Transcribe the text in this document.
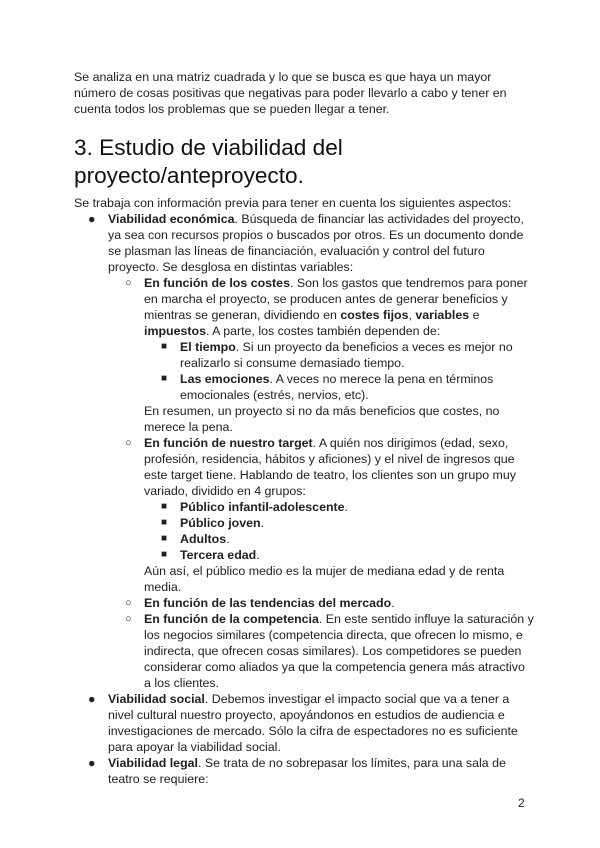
Se analiza en una matriz cuadrada y lo que se busca es que haya un mayor número de cosas positivas que negativas para poder llevarlo a cabo y tener en cuenta todos los problemas que se pueden llegar a tener.

3. Estudio de viabilidad del proyecto/anteproyecto.

Se trabaja con información previa para tener en cuenta los siguientes aspectos:

● Viabilidad económica. Búsqueda de financiar las actividades del proyecto, ya sea con recursos propios o buscados por otros. Es un documento donde se plasman las líneas de financiación, evaluación y control del futuro proyecto. Se desglosa en distintas variables:
○ En función de los costes. Son los gastos que tendremos para poner en marcha el proyecto, se producen antes de generar beneficios y mientras se generan, dividiendo en costes fijos, variables e impuestos. A parte, los costes también dependen de:
■ El tiempo. Si un proyecto da beneficios a veces es mejor no realizarlo si consume demasiado tiempo.
■ Las emociones. A veces no merece la pena en términos emocionales (estrés, nervios, etc).

En resumen, un proyecto si no da más beneficios que costes, no merece la pena.

○ En función de nuestro target. A quién nos dirigimos (edad, sexo, profesión, residencia, hábitos y aficiones) y el nivel de ingresos que este target tiene. Hablando de teatro, los clientes son un grupo muy variado, dividido en 4 grupos:
■ Público infantil-adolescente.
■ Público joven.
■ Adultos.
■ Tercera edad.

Aún así, el público medio es la mujer de mediana edad y de renta media.

○ En función de las tendencias del mercado.
○ En función de la competencia. En este sentido influye la saturación y los negocios similares (competencia directa, que ofrecen lo mismo, e indirecta, que ofrecen cosas similares). Los competidores se pueden considerar como aliados ya que la competencia genera más atractivo a los clientes.
● Viabilidad social. Debemos investigar el impacto social que va a tener a nivel cultural nuestro proyecto, apoyándonos en estudios de audiencia e investigaciones de mercado. Sólo la cifra de espectadores no es suficiente para apoyar la viabilidad social.
● Viabilidad legal. Se trata de no sobrepasar los límites, para una sala de teatro se requiere:
2
